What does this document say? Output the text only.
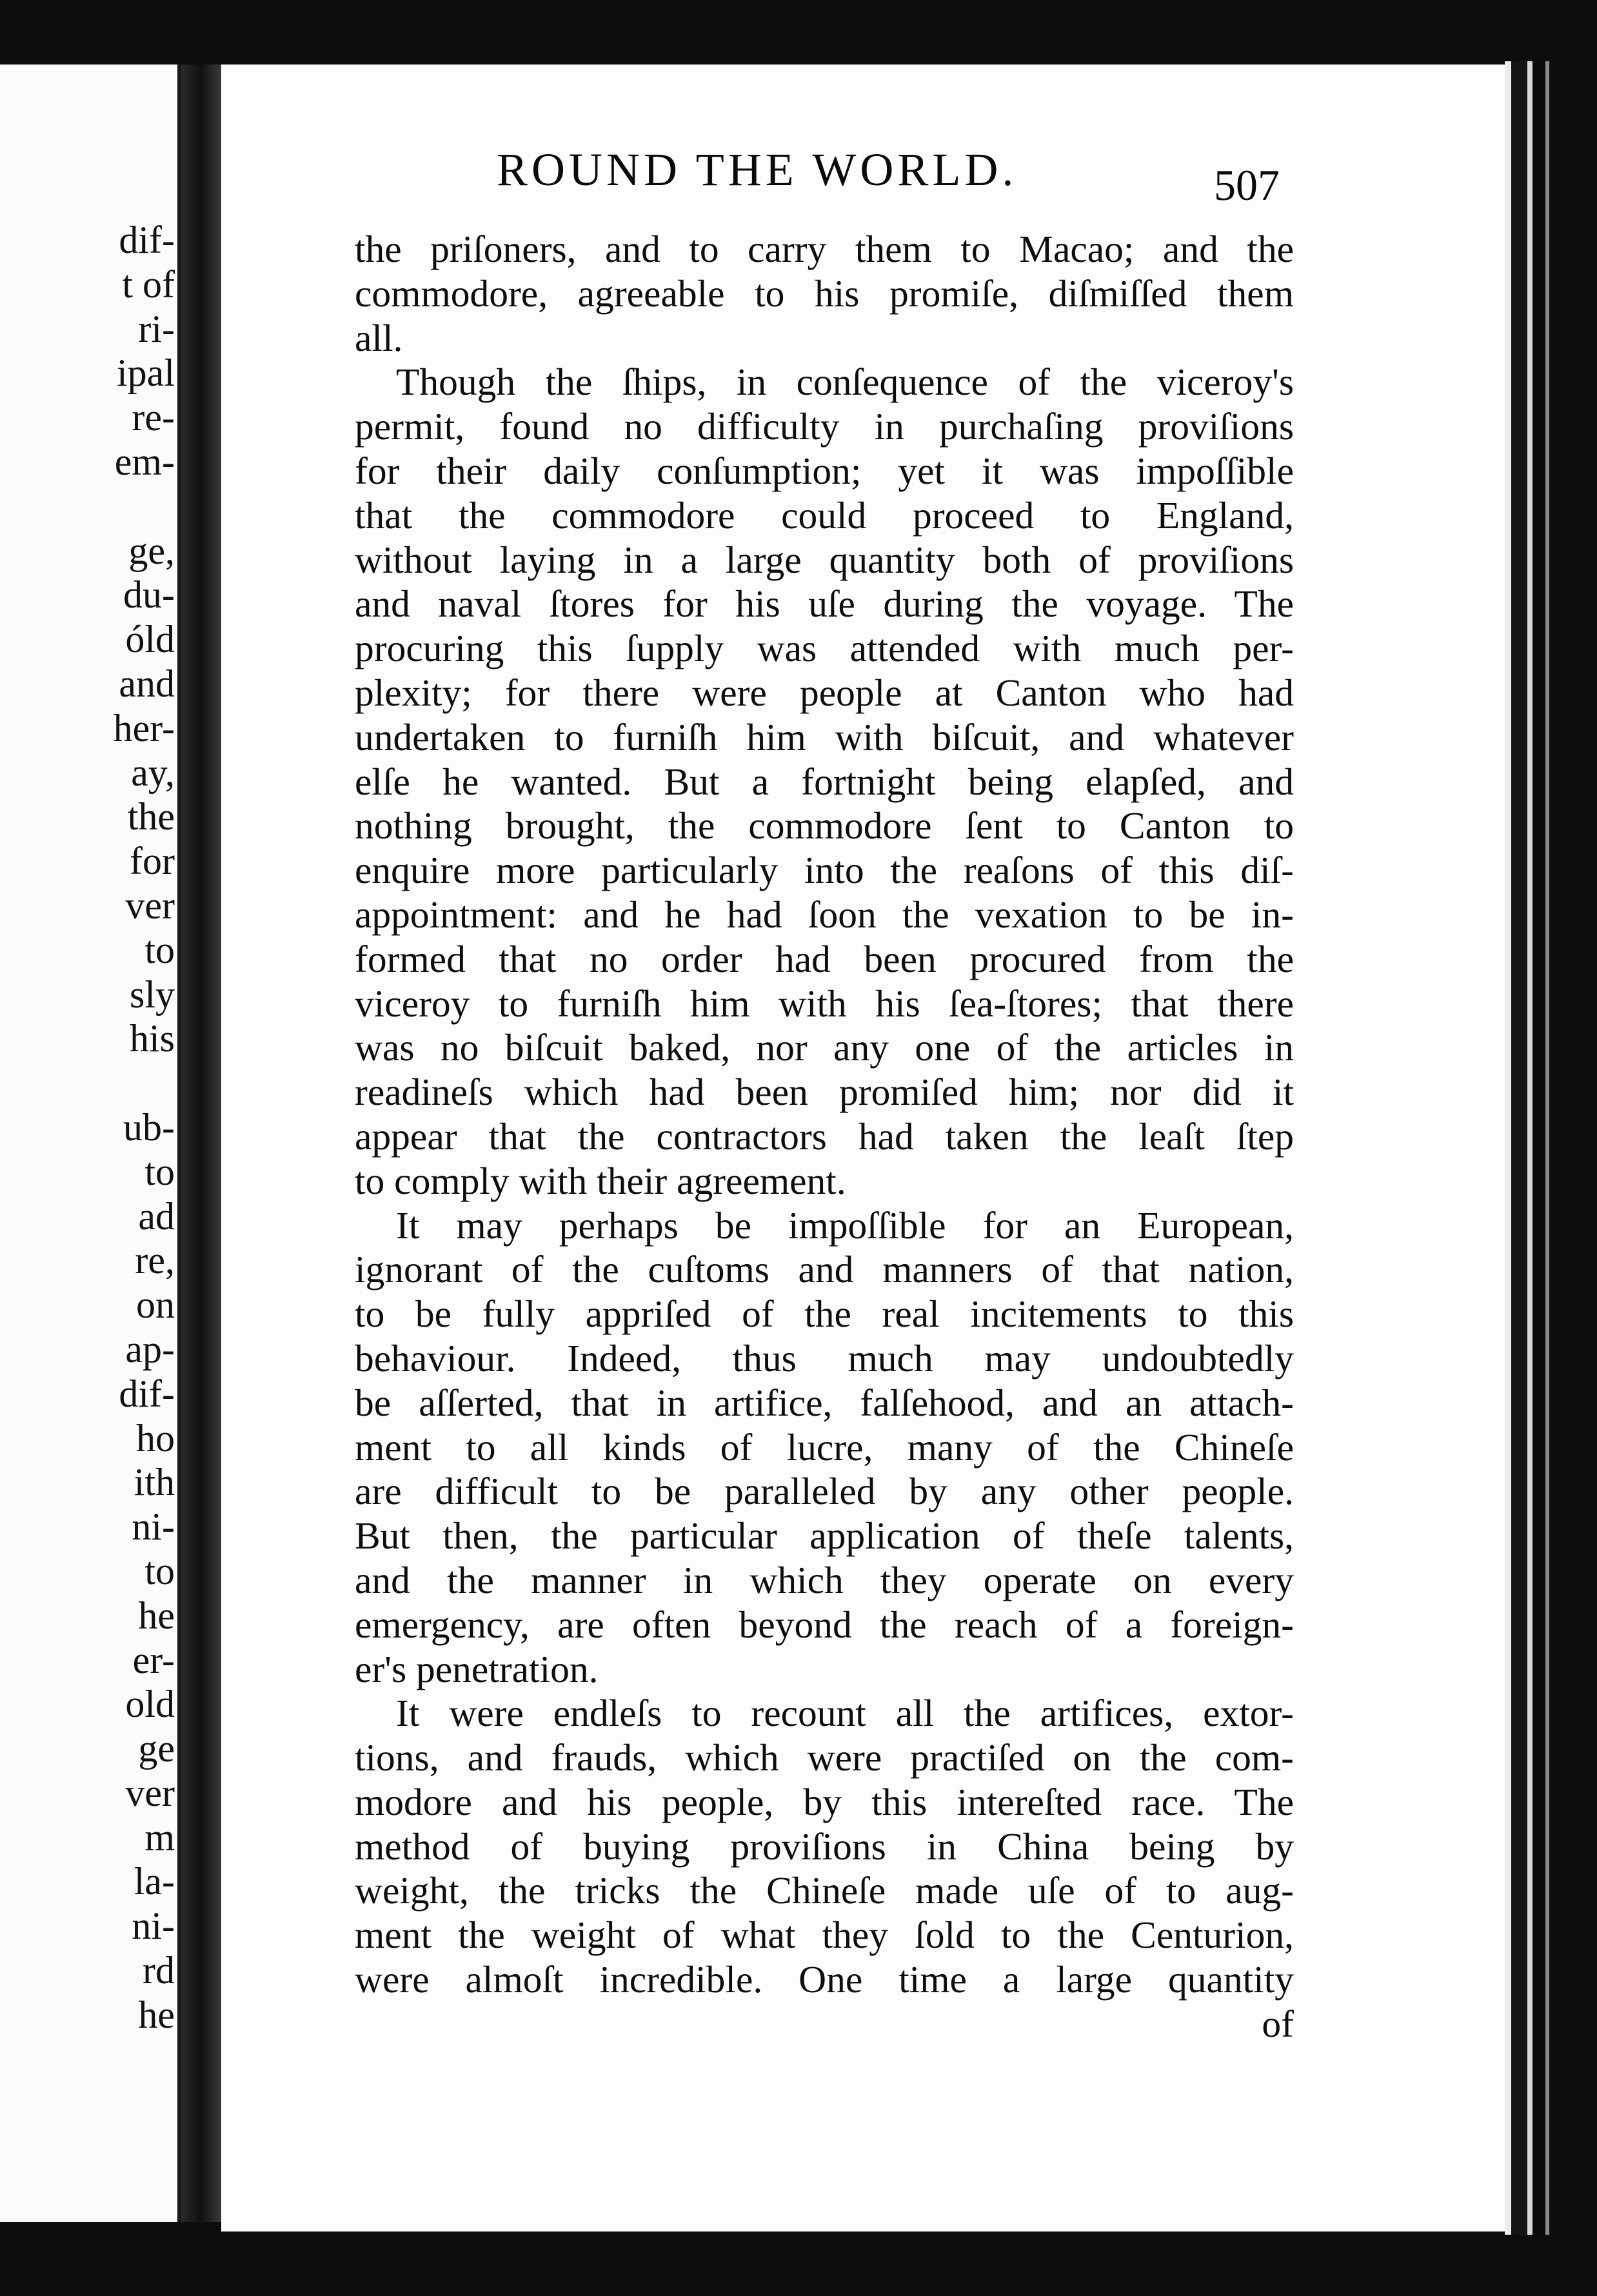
dif-
t of
ri-
ipal
re-
em-

ge,
du-
óld
and
her-
ay,
the
for
ver
to
sly
his

ub-
to
ad
re,
on
ap-
dif-
ho
ith
ni-
to
he
er-
old
ge
ver
m
la-
ni-
rd
he
ROUND THE WORLD.	507
the priſoners, and to carry them to Macao; and the
commodore, agreeable to his promiſe, diſmiſſed them
all.
Though the ſhips, in conſequence of the viceroy's
permit, found no difficulty in purchaſing proviſions
for their daily conſumption; yet it was impoſſible
that the commodore could proceed to England,
without laying in a large quantity both of proviſions
and naval ſtores for his uſe during the voyage. The
procuring this ſupply was attended with much per-
plexity; for there were people at Canton who had
undertaken to furniſh him with biſcuit, and whatever
elſe he wanted. But a fortnight being elapſed, and
nothing brought, the commodore ſent to Canton to
enquire more particularly into the reaſons of this diſ-
appointment: and he had ſoon the vexation to be in-
formed that no order had been procured from the
viceroy to furniſh him with his ſea-ſtores; that there
was no biſcuit baked, nor any one of the articles in
readineſs which had been promiſed him; nor did it
appear that the contractors had taken the leaſt ſtep
to comply with their agreement.
It may perhaps be impoſſible for an European,
ignorant of the cuſtoms and manners of that nation,
to be fully appriſed of the real incitements to this
behaviour. Indeed, thus much may undoubtedly
be aſſerted, that in artifice, falſehood, and an attach-
ment to all kinds of lucre, many of the Chineſe
are difficult to be paralleled by any other people.
But then, the particular application of theſe talents,
and the manner in which they operate on every
emergency, are often beyond the reach of a foreign-
er's penetration.
It were endleſs to recount all the artifices, extor-
tions, and frauds, which were practiſed on the com-
modore and his people, by this intereſted race. The
method of buying proviſions in China being by
weight, the tricks the Chineſe made uſe of to aug-
ment the weight of what they ſold to the Centurion,
were almoſt incredible. One time a large quantity
of
